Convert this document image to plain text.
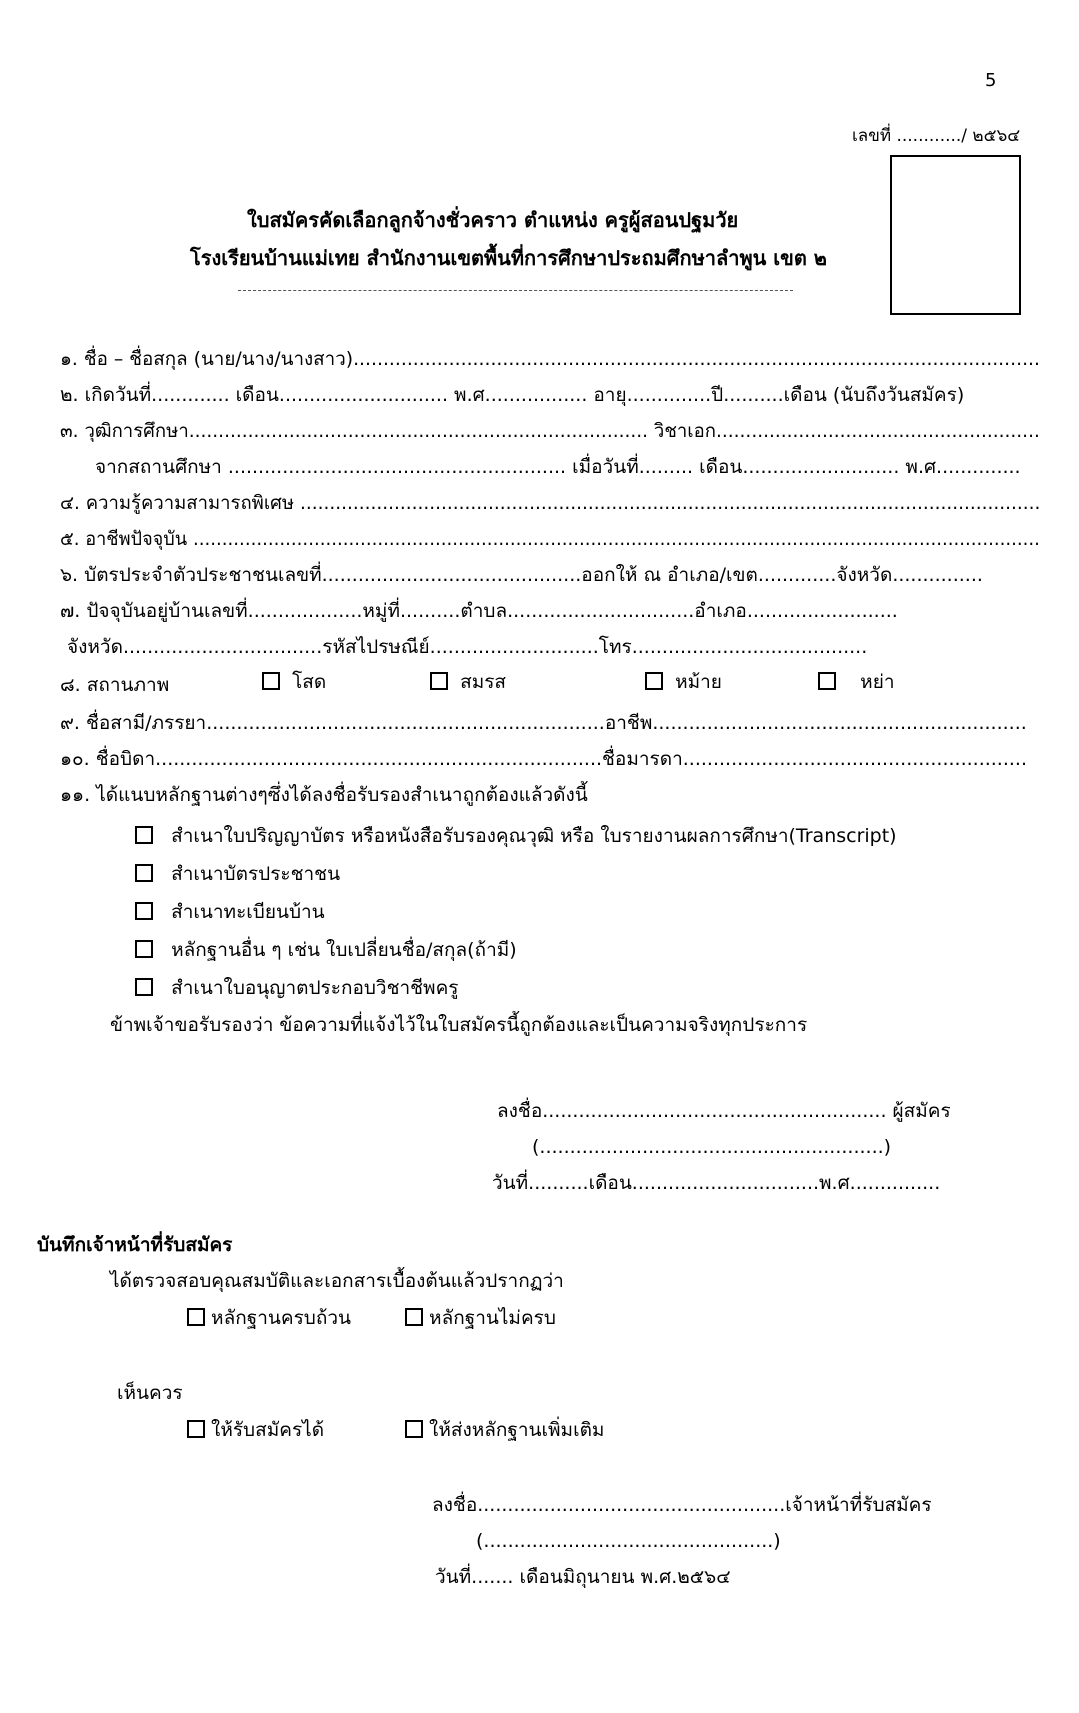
5
เลขที่ ............/ ๒๕๖๔
ใบสมัครคัดเลือกลูกจ้างชั่วคราว ตำแหน่ง ครูผู้สอนปฐมวัย
โรงเรียนบ้านแม่เทย สำนักงานเขตพื้นที่การศึกษาประถมศึกษาลำพูน เขต ๒
๑. ชื่อ – ชื่อสกุล (นาย/นาง/นางสาว)...................................................................................................................
๒. เกิดวันที่............. เดือน............................ พ.ศ................. อายุ..............ปี..........เดือน (นับถึงวันสมัคร)
๓. วุฒิการศึกษา.............................................................................. วิชาเอก.......................................................
จากสถานศึกษา ........................................................ เมื่อวันที่......... เดือน.......................... พ.ศ..............
๔. ความรู้ความสามารถพิเศษ ..............................................................................................................................
๕. อาชีพปัจจุบัน ...................................................................................................................................................
๖. บัตรประจำตัวประชาชนเลขที่...........................................ออกให้ ณ อำเภอ/เขต.............จังหวัด...............
๗. ปัจจุบันอยู่บ้านเลขที่...................หมู่ที่..........ตำบล...............................อำเภอ.........................
จังหวัด.................................รหัสไปรษณีย์............................โทร.......................................
๘. สถานภาพ	โสด	สมรส	หม้าย	หย่า
๙. ชื่อสามี/ภรรยา..................................................................อาชีพ..............................................................
๑๐. ชื่อบิดา..........................................................................ชื่อมารดา.........................................................
๑๑. ได้แนบหลักฐานต่างๆซึ่งได้ลงชื่อรับรองสำเนาถูกต้องแล้วดังนี้
สำเนาใบปริญญาบัตร หรือหนังสือรับรองคุณวุฒิ หรือ ใบรายงานผลการศึกษา(Transcript)
สำเนาบัตรประชาชน
สำเนาทะเบียนบ้าน
หลักฐานอื่น ๆ เช่น ใบเปลี่ยนชื่อ/สกุล(ถ้ามี)
สำเนาใบอนุญาตประกอบวิชาชีพครู
ข้าพเจ้าขอรับรองว่า ข้อความที่แจ้งไว้ในใบสมัครนี้ถูกต้องและเป็นความจริงทุกประการ
ลงชื่อ......................................................... ผู้สมัคร
(.........................................................)
วันที่..........เดือน...............................พ.ศ...............
บันทึกเจ้าหน้าที่รับสมัคร
ได้ตรวจสอบคุณสมบัติและเอกสารเบื้องต้นแล้วปรากฏว่า
หลักฐานครบถ้วน	หลักฐานไม่ครบ
เห็นควร
ให้รับสมัครได้	ให้ส่งหลักฐานเพิ่มเติม
ลงชื่อ...................................................เจ้าหน้าที่รับสมัคร
(................................................)
วันที่....... เดือนมิถุนายน พ.ศ.๒๕๖๔
